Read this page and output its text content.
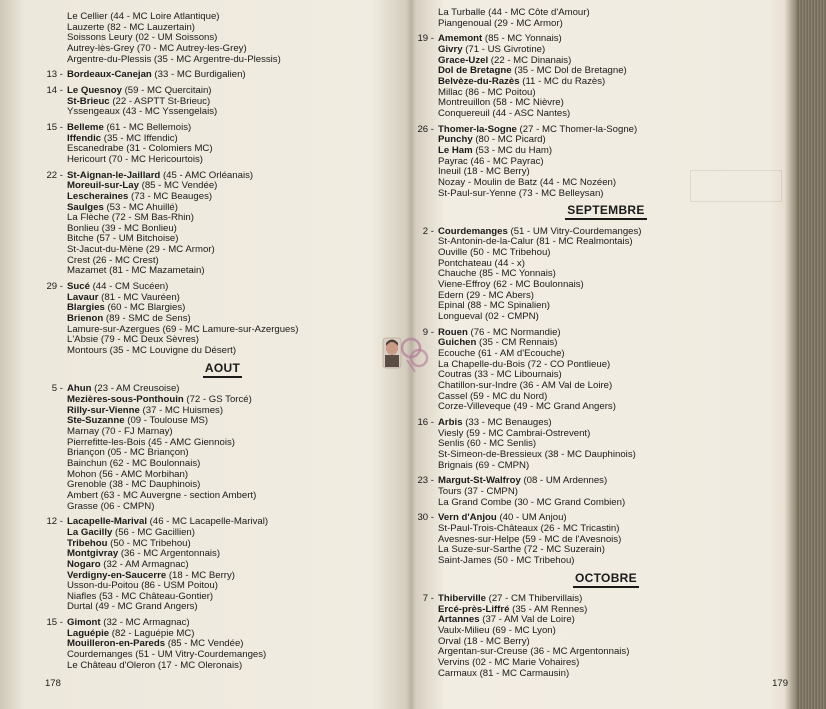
Le Cellier (44 - MC Loire Atlantique)
Lauzerte (82 - MC Lauzertain)
Soissons Leury (02 - UM Soissons)
Autrey-lès-Grey (70 - MC Autrey-les-Grey)
Argentre-du-Plessis (35 - MC Argentre-du-Plessis)
13 -	Bordeaux-Canejan (33 - MC Burdigalien)
14 -	Le Quesnoy (59 - MC Quercitain)
St-Brieuc (22 - ASPTT St-Brieuc)
Yssengeaux (43 - MC Yssengelais)
15 -	Belleme (61 - MC Bellemois)
Iffendic (35 - MC Iffendic)
Escanedrabe (31 - Colomiers MC)
Hericourt (70 - MC Hericourtois)
22 -	St-Aignan-le-Jaillard (45 - AMC Orléanais)
Moreuil-sur-Lay (85 - MC Vendée)
Lescheraines (73 - MC Beauges)
Saulges (53 - MC Ahuillé)
La Flèche (72 - SM Bas-Rhin)
Bonlieu (39 - MC Bonlieu)
Bitche (57 - UM Bitchoise)
St-Jacut-du-Mène (29 - MC Armor)
Crest (26 - MC Crest)
Mazamet (81 - MC Mazametain)
29 -	Sucé (44 - CM Sucéen)
Lavaur (81 - MC Vauréen)
Blargies (60 - MC Blargies)
Brienon (89 - SMC de Sens)
Lamure-sur-Azergues (69 - MC Lamure-sur-Azergues)
L'Absie (79 - MC Deux Sèvres)
Montours (35 - MC Louvigne du Désert)
AOUT
5 -	Ahun (23 - AM Creusoise)
Mezières-sous-Ponthouin (72 - GS Torcé)
Rilly-sur-Vienne (37 - MC Huismes)
Ste-Suzanne (09 - Toulouse MS)
Marnay (70 - FJ Marnay)
Pierrefitte-les-Bois (45 - AMC Giennois)
Briançon (05 - MC Briançon)
Bainchun (62 - MC Boulonnais)
Mohon (56 - AMC Morbihan)
Grenoble (38 - MC Dauphinois)
Ambert (63 - MC Auvergne - section Ambert)
Grasse (06 - CMPN)
12 -	Lacapelle-Marival (46 - MC Lacapelle-Marival)
La Gacilly (56 - MC Gacillien)
Tribehou (50 - MC Tribehou)
Montgivray (36 - MC Argentonnais)
Nogaro (32 - AM Armagnac)
Verdigny-en-Saucerre (18 - MC Berry)
Usson-du-Poitou (86 - USM Poitou)
Niafles (53 - MC Château-Gontier)
Durtal (49 - MC Grand Angers)
15 -	Gimont (32 - MC Armagnac)
Laguépie (82 - Laguépie MC)
Mouilleron-en-Pareds (85 - MC Vendée)
Courdemanges (51 - UM Vitry-Courdemanges)
Le Château d'Oleron (17 - MC Oleronais)
178
La Turballe (44 - MC Côte d'Amour)
Piangenoual (29 - MC Armor)
19 -	Amemont (85 - MC Yonnais)
Givry (71 - US Givrotine)
Grace-Uzel (22 - MC Dinanais)
Dol de Bretagne (35 - MC Dol de Bretagne)
Belvèze-du-Razès (11 - MC du Razès)
Millac (86 - MC Poitou)
Montreuillon (58 - MC Nièvre)
Conquereuil (44 - ASC Nantes)
26 -	Thomer-la-Sogne (27 - MC Thomer-la-Sogne)
Punchy (80 - MC Picard)
Le Ham (53 - MC du Ham)
Payrac (46 - MC Payrac)
Ineuil (18 - MC Berry)
Nozay - Moulin de Batz (44 - MC Nozéen)
St-Paul-sur-Yenne (73 - MC Belleysan)
SEPTEMBRE
2 -	Courdemanges (51 - UM Vitry-Courdemanges)
St-Antonin-de-la-Calur (81 - MC Realmontais)
Ouville (50 - MC Tribehou)
Pontchateau (44 - x)
Chauche (85 - MC Yonnais)
Viene-Effroy (62 - MC Boulonnais)
Edern (29 - MC Abers)
Epinal (88 - MC Spinalien)
Longueval (02 - CMPN)
9 -	Rouen (76 - MC Normandie)
Guichen (35 - CM Rennais)
Ecouche (61 - AM d'Ecouche)
La Chapelle-du-Bois (72 - CO Pontlieue)
Coutras (33 - MC Libournais)
Chatillon-sur-Indre (36 - AM Val de Loire)
Cassel (59 - MC du Nord)
Corze-Villeveque (49 - MC Grand Angers)
16 -	Arbis (33 - MC Benauges)
Viesly (59 - MC Cambrai-Ostrevent)
Senlis (60 - MC Senlis)
St-Simeon-de-Bressieux (38 - MC Dauphinois)
Brignais (69 - CMPN)
23 -	Margut-St-Walfroy (08 - UM Ardennes)
Tours (37 - CMPN)
La Grand Combe (30 - MC Grand Combien)
30 -	Vern d'Anjou (40 - UM Anjou)
St-Paul-Trois-Châteaux (26 - MC Tricastin)
Avesnes-sur-Helpe (59 - MC de l'Avesnois)
La Suze-sur-Sarthe (72 - MC Suzerain)
Saint-James (50 - MC Tribehou)
OCTOBRE
7 -	Thiberville (27 - CM Thibervillais)
Ercé-près-Liffré (35 - AM Rennes)
Artannes (37 - AM Val de Loire)
Vaulx-Milieu (69 - MC Lyon)
Orval (18 - MC Berry)
Argentan-sur-Creuse (36 - MC Argentonnais)
Vervins (02 - MC Marie Vohaires)
Carmaux (81 - MC Carmausin)
179
